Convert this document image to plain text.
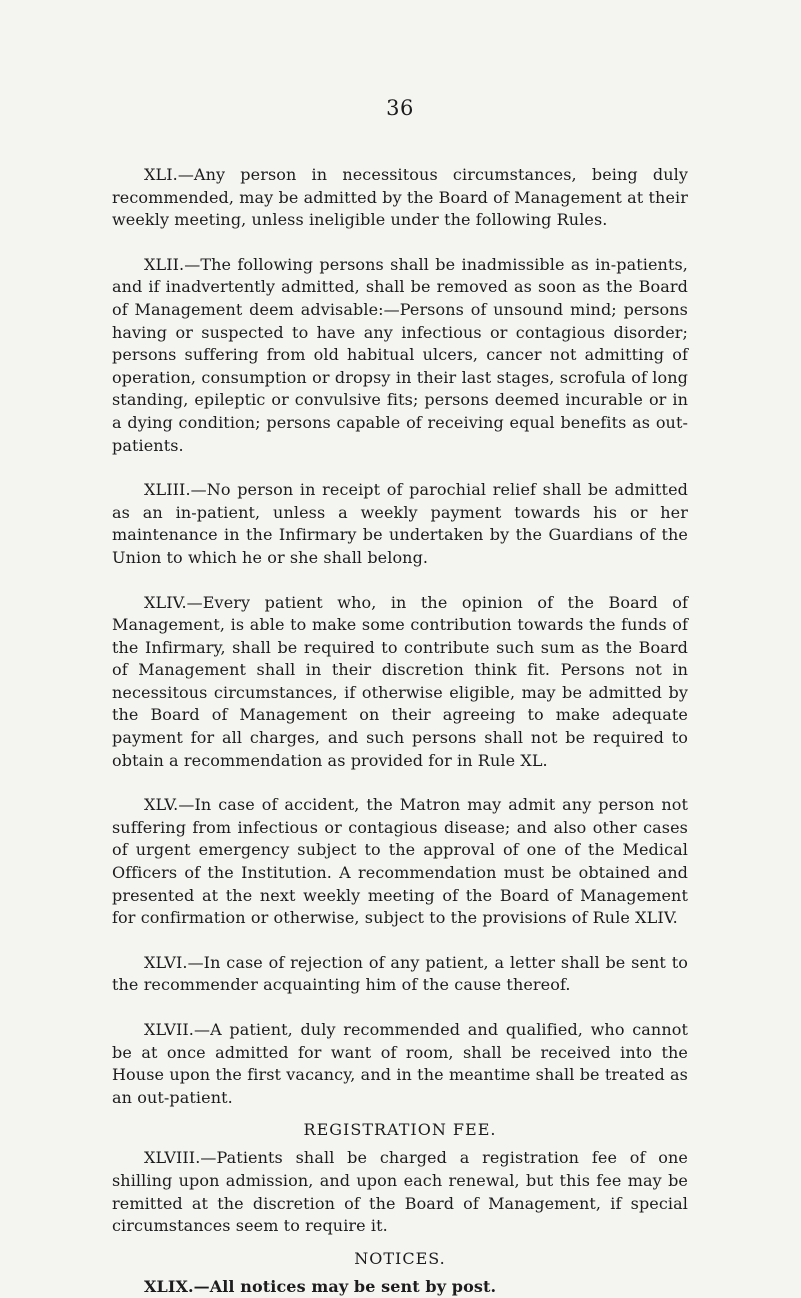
36

XLI.—Any person in necessitous circumstances, being duly recommended, may be admitted by the Board of Management at their weekly meeting, unless ineligible under the following Rules.

XLII.—The following persons shall be inadmissible as in-patients, and if inadvertently admitted, shall be removed as soon as the Board of Management deem advisable:—Persons of unsound mind; persons having or suspected to have any infectious or contagious disorder; persons suffering from old habitual ulcers, cancer not admitting of operation, consumption or dropsy in their last stages, scrofula of long standing, epileptic or convulsive fits; persons deemed incurable or in a dying condition; persons capable of receiving equal benefits as out-patients.

XLIII.—No person in receipt of parochial relief shall be admitted as an in-patient, unless a weekly payment towards his or her maintenance in the Infirmary be undertaken by the Guardians of the Union to which he or she shall belong.

XLIV.—Every patient who, in the opinion of the Board of Management, is able to make some contribution towards the funds of the Infirmary, shall be required to contribute such sum as the Board of Management shall in their discretion think fit. Persons not in necessitous circumstances, if otherwise eligible, may be admitted by the Board of Management on their agreeing to make adequate payment for all charges, and such persons shall not be required to obtain a recommendation as provided for in Rule XL.

XLV.—In case of accident, the Matron may admit any person not suffering from infectious or contagious disease; and also other cases of urgent emergency subject to the approval of one of the Medical Officers of the Institution. A recommendation must be obtained and presented at the next weekly meeting of the Board of Management for confirmation or otherwise, subject to the provisions of Rule XLIV.

XLVI.—In case of rejection of any patient, a letter shall be sent to the recommender acquainting him of the cause thereof.

XLVII.—A patient, duly recommended and qualified, who cannot be at once admitted for want of room, shall be received into the House upon the first vacancy, and in the meantime shall be treated as an out-patient.

REGISTRATION FEE.

XLVIII.—Patients shall be charged a registration fee of one shilling upon admission, and upon each renewal, but this fee may be remitted at the discretion of the Board of Management, if special circumstances seem to require it.

NOTICES.

XLIX.—All notices may be sent by post.
